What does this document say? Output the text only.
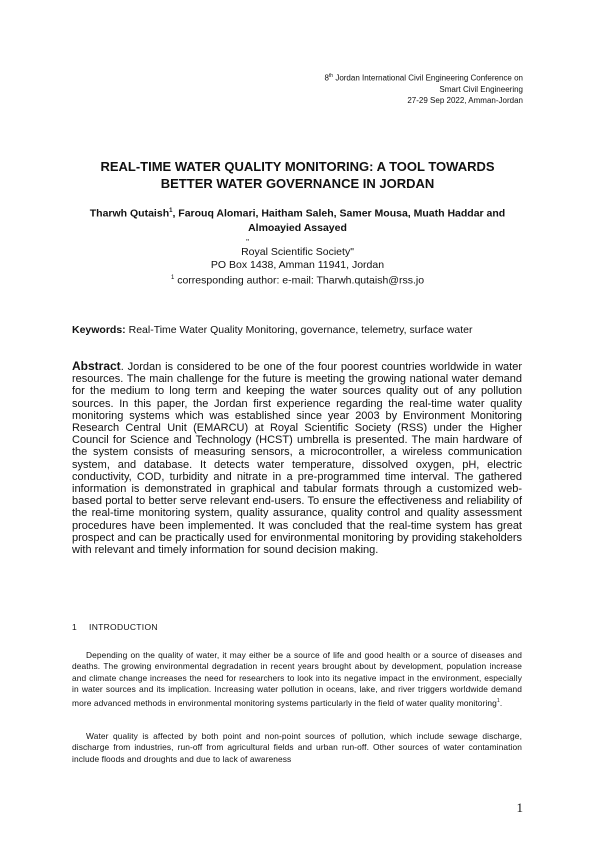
8th Jordan International Civil Engineering Conference on
Smart Civil Engineering
27-29 Sep 2022, Amman-Jordan
REAL-TIME WATER QUALITY MONITORING: A TOOL TOWARDS
BETTER WATER GOVERNANCE IN JORDAN
Tharwh Qutaish$^1$, Farouq Alomari, Haitham Saleh, Samer Mousa, Muath Haddar and
Almoayied Assayed
"
Royal Scientific Society"
PO Box 1438, Amman 11941, Jordan
$^1$ corresponding author: e-mail: Tharwh.qutaish@rss.jo
Keywords: Real-Time Water Quality Monitoring, governance, telemetry, surface water
Abstract. Jordan is considered to be one of the four poorest countries worldwide in water resources. The main challenge for the future is meeting the growing national water demand for the medium to long term and keeping the water sources quality out of any pollution sources. In this paper, the Jordan first experience regarding the real-time water quality monitoring systems which was established since year 2003 by Environment Monitoring Research Central Unit (EMARCU) at Royal Scientific Society (RSS) under the Higher Council for Science and Technology (HCST) umbrella is presented. The main hardware of the system consists of measuring sensors, a microcontroller, a wireless communication system, and database. It detects water temperature, dissolved oxygen, pH, electric conductivity, COD, turbidity and nitrate in a pre-programmed time interval. The gathered information is demonstrated in graphical and tabular formats through a customized web-based portal to better serve relevant end-users. To ensure the effectiveness and reliability of the real-time monitoring system, quality assurance, quality control and quality assessment procedures have been implemented. It was concluded that the real-time system has great prospect and can be practically used for environmental monitoring by providing stakeholders with relevant and timely information for sound decision making.
1 INTRODUCTION
Depending on the quality of water, it may either be a source of life and good health or a source of diseases and deaths. The growing environmental degradation in recent years brought about by development, population increase and climate change increases the need for researchers to look into its negative impact in the environment, especially in water sources and its implication. Increasing water pollution in oceans, lake, and river triggers worldwide demand more advanced methods in environmental monitoring systems particularly in the field of water quality monitoring$^1$.
Water quality is affected by both point and non-point sources of pollution, which include sewage discharge, discharge from industries, run-off from agricultural fields and urban run-off. Other sources of water contamination include floods and droughts and due to lack of awareness
1
